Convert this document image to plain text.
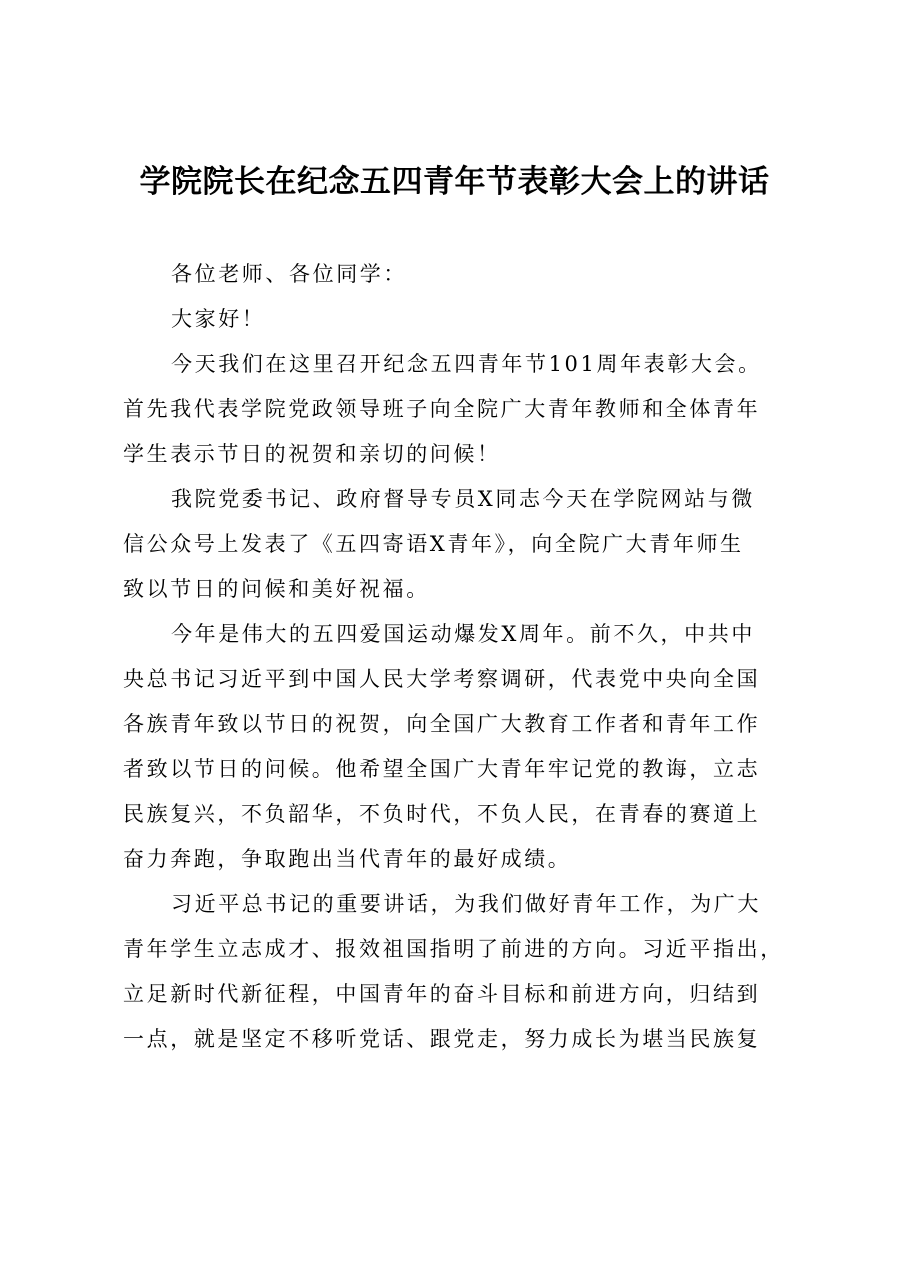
学院院长在纪念五四青年节表彰大会上的讲话
各位老师、各位同学：
大家好！
今天我们在这里召开纪念五四青年节101周年表彰大会。
首先我代表学院党政领导班子向全院广大青年教师和全体青年
学生表示节日的祝贺和亲切的问候！
我院党委书记、政府督导专员X同志今天在学院网站与微
信公众号上发表了《五四寄语X青年》，向全院广大青年师生
致以节日的问候和美好祝福。
今年是伟大的五四爱国运动爆发X周年。前不久，中共中
央总书记习近平到中国人民大学考察调研，代表党中央向全国
各族青年致以节日的祝贺，向全国广大教育工作者和青年工作
者致以节日的问候。他希望全国广大青年牢记党的教诲，立志
民族复兴，不负韶华，不负时代，不负人民，在青春的赛道上
奋力奔跑，争取跑出当代青年的最好成绩。
习近平总书记的重要讲话，为我们做好青年工作，为广大
青年学生立志成才、报效祖国指明了前进的方向。习近平指出，
立足新时代新征程，中国青年的奋斗目标和前进方向，归结到
一点，就是坚定不移听党话、跟党走，努力成长为堪当民族复
